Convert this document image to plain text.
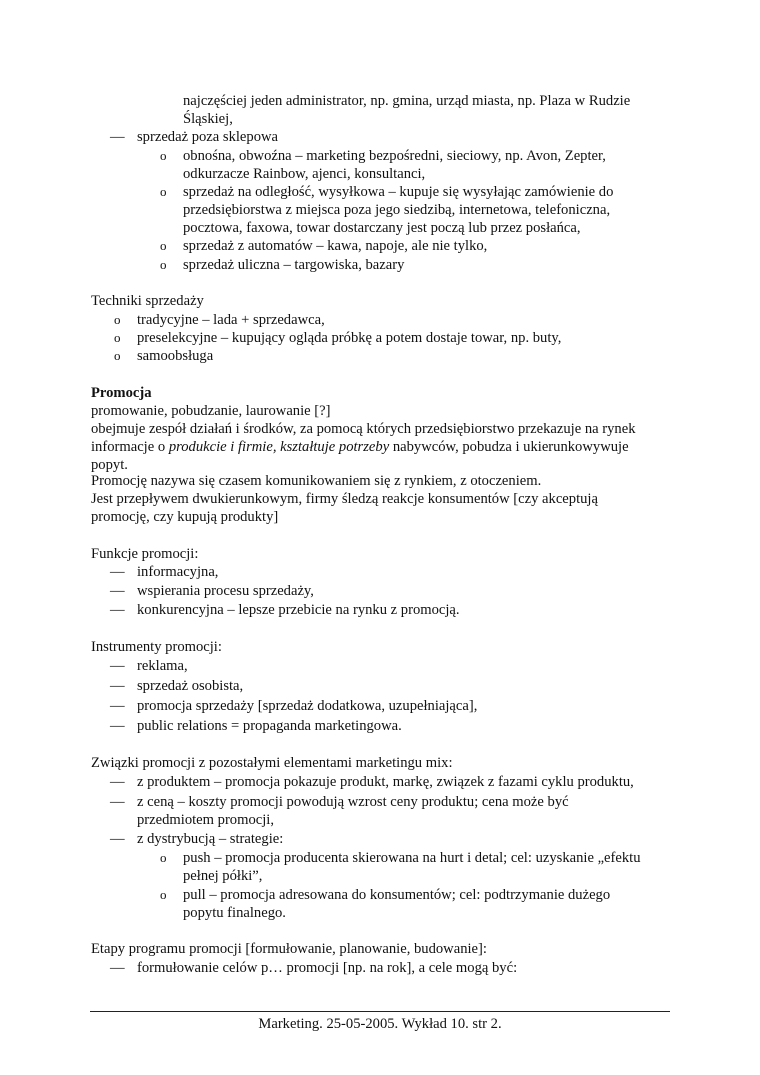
najczęściej jeden administrator, np. gmina, urząd miasta, np. Plaza w Rudzie
Śląskiej,
— sprzedaż poza sklepowa
o obnośna, obwoźna – marketing bezpośredni, sieciowy, np. Avon, Zepter,
odkurzacze Rainbow, ajenci, konsultanci,
o sprzedaż na odległość, wysyłkowa – kupuje się wysyłając zamówienie do
przedsiębiorstwa z miejsca poza jego siedzibą, internetowa, telefoniczna,
pocztowa, faxowa, towar dostarczany jest począ lub przez posłańca,
o sprzedaż z automatów – kawa, napoje, ale nie tylko,
o sprzedaż uliczna – targowiska, bazary
Techniki sprzedaży
o tradycyjne – lada + sprzedawca,
o preselekcyjne – kupujący ogląda próbkę a potem dostaje towar, np. buty,
o samoobsługa
Promocja
promowanie, pobudzanie, laurowanie [?]
obejmuje zespół działań i środków, za pomocą których przedsiębiorstwo przekazuje na rynek
informacje o produkcie i firmie, kształtuje potrzeby nabywców, pobudza i ukierunkowywuje
popyt.
Promocję nazywa się czasem komunikowaniem się z rynkiem, z otoczeniem.
Jest przepływem dwukierunkowym, firmy śledzą reakcje konsumentów [czy akceptują
promocję, czy kupują produkty]
Funkcje promocji:
— informacyjna,
— wspierania procesu sprzedaży,
— konkurencyjna – lepsze przebicie na rynku z promocją.
Instrumenty promocji:
— reklama,
— sprzedaż osobista,
— promocja sprzedaży [sprzedaż dodatkowa, uzupełniająca],
— public relations = propaganda marketingowa.
Związki promocji z pozostałymi elementami marketingu mix:
— z produktem – promocja pokazuje produkt, markę, związek z fazami cyklu produktu,
— z ceną – koszty promocji powodują wzrost ceny produktu; cena może być
przedmiotem promocji,
— z dystrybucją – strategie:
o push – promocja producenta skierowana na hurt i detal; cel: uzyskanie „efektu
pełnej półki”,
o pull – promocja adresowana do konsumentów; cel: podtrzymanie dużego
popytu finalnego.
Etapy programu promocji [formułowanie, planowanie, budowanie]:
— formułowanie celów p… promocji [np. na rok], a cele mogą być:
Marketing. 25-05-2005. Wykład 10. str 2.
